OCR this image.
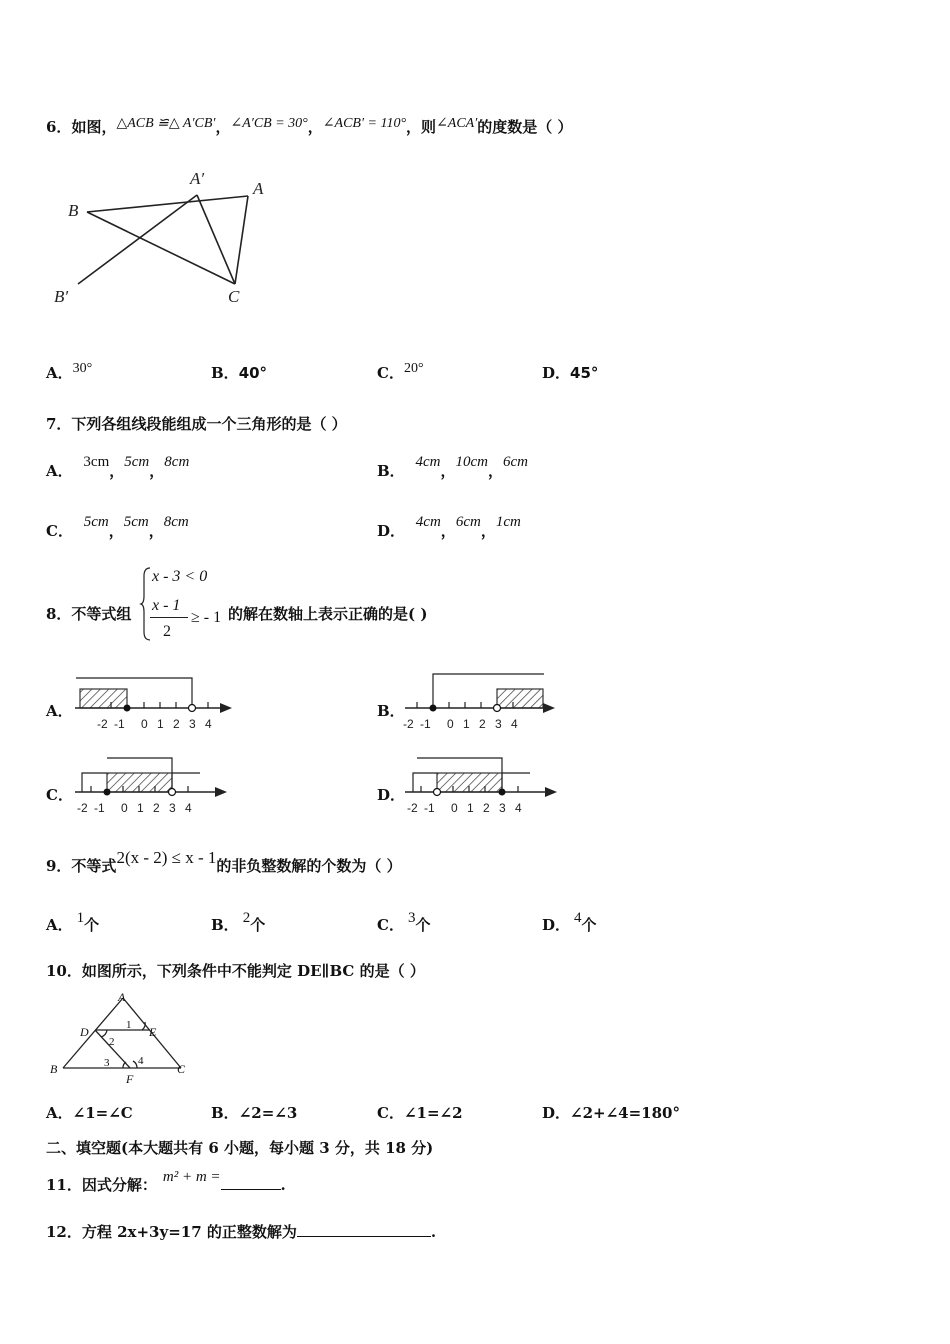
6．如图，△ACB ≌△ A′CB′，∠A′CB = 30°，∠ACB′ = 110°，则∠ACA′的度数是（ ）
B
A′
A
B′	C
A．30°	B．40°	C．20°	D．45°
7．下列各组线段能组成一个三角形的是（ ）
A． 3cm，5cm，8cm	B． 4cm，10cm，6cm
C． 5cm，5cm，8cm	D． 4cm，6cm，1cm
8．不等式组
x - 3 < 0
x - 1
2
≥ - 1 的解在数轴上表示正确的是( )
A．	B．
C．	D．
-2 -1 0 1 2 3 4	-2 -1 0 1 2 3 4
-2 -1 0 1 2 3 4	-2 -1 0 1 2 3 4
9．不等式2(x - 2) ≤ x - 1的非负整数解的个数为（ ）
A． 1个	B． 2个	C． 3个	D． 4个
10．如图所示，下列条件中不能判定 DE∥BC 的是（ ）
A
D	E
B	C
F
1
2
3	4
A．∠1=∠C	B．∠2=∠3	C．∠1=∠2	D．∠2+∠4=180°
二、填空题(本大题共有 6 小题，每小题 3 分，共 18 分)
11．因式分解： m² + m =	.
12．方程 2x+3y=17 的正整数解为	.
